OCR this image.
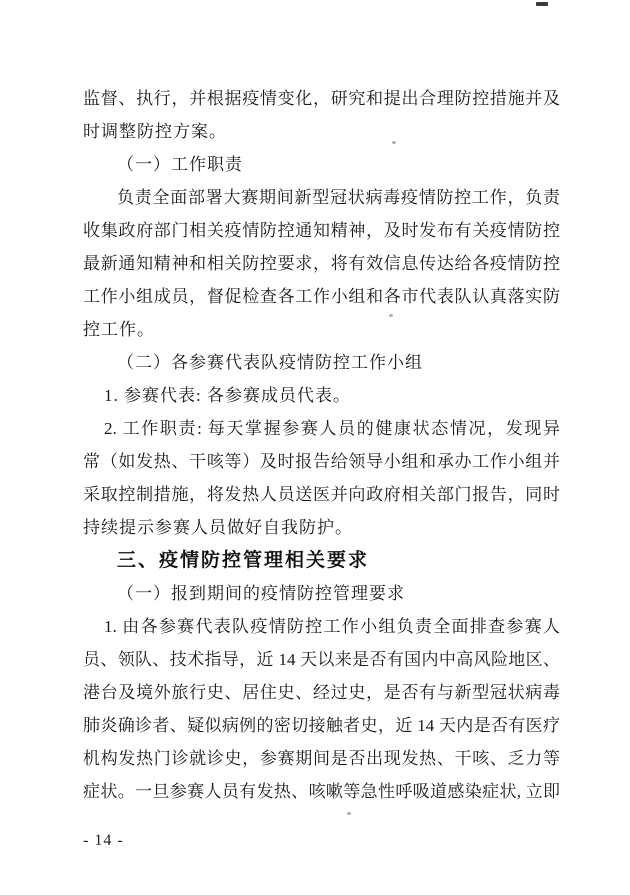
监督、执行，并根据疫情变化，研究和提出合理防控措施并及
时调整防控方案。
（一）工作职责
负责全面部署大赛期间新型冠状病毒疫情防控工作，负责
收集政府部门相关疫情防控通知精神，及时发布有关疫情防控
最新通知精神和相关防控要求，将有效信息传达给各疫情防控
工作小组成员，督促检查各工作小组和各市代表队认真落实防
控工作。
（二）各参赛代表队疫情防控工作小组
1. 参赛代表: 各参赛成员代表。
2. 工作职责: 每天掌握参赛人员的健康状态情况，发现异
常（如发热、干咳等）及时报告给领导小组和承办工作小组并
采取控制措施，将发热人员送医并向政府相关部门报告，同时
持续提示参赛人员做好自我防护。
三、疫情防控管理相关要求
（一）报到期间的疫情防控管理要求
1. 由各参赛代表队疫情防控工作小组负责全面排查参赛人
员、领队、技术指导，近 14 天以来是否有国内中高风险地区、
港台及境外旅行史、居住史、经过史，是否有与新型冠状病毒
肺炎确诊者、疑似病例的密切接触者史，近 14 天内是否有医疗
机构发热门诊就诊史，参赛期间是否出现发热、干咳、乏力等
症状。一旦参赛人员有发热、咳嗽等急性呼吸道感染症状, 立即
- 14 -
